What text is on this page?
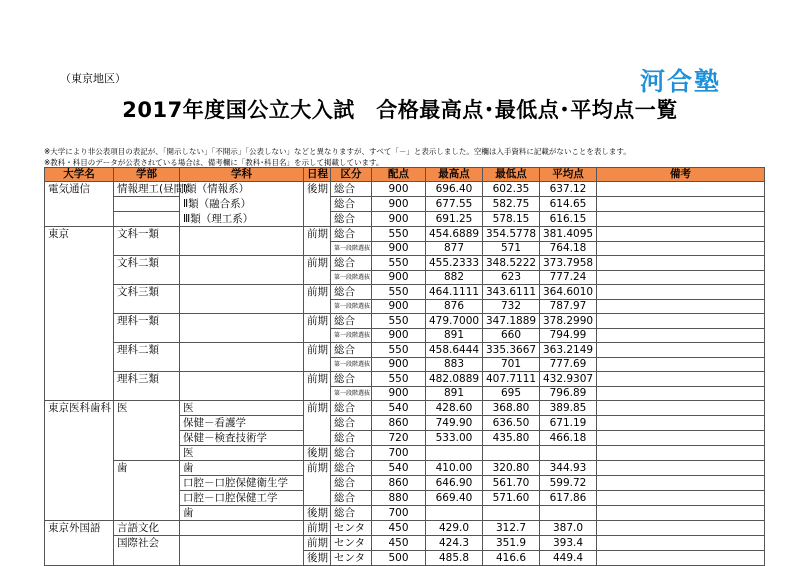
（東京地区）	河合塾
2017年度国公立大入試　合格最高点･最低点･平均点一覧
※大学により非公表項目の表記が、「開示しない」「不開示」「公表しない」などと異なりますが、すべて「－」と表示しました。空欄は入手資料に記載がないことを表します。
※教科・科目のデータが公表されている場合は、備考欄に「教科･科目名」を示して掲載しています。
大学名	学部	学科	日程	区分	配点	最高点	最低点	平均点	備考
電気通信	情報理工(昼間)	Ⅰ類（情報系）	後期	総合	900	696.40	602.35	637.12	
		Ⅱ類（融合系）		総合	900	677.55	582.75	614.65	
		Ⅲ類（理工系）		総合	900	691.25	578.15	616.15	
東京	文科一類		前期	総合	550	454.6889	354.5778	381.4095	
				第一段階選抜	900	877	571	764.18	
	文科二類		前期	総合	550	455.2333	348.5222	373.7958	
				第一段階選抜	900	882	623	777.24	
	文科三類		前期	総合	550	464.1111	343.6111	364.6010	
				第一段階選抜	900	876	732	787.97	
	理科一類		前期	総合	550	479.7000	347.1889	378.2990	
				第一段階選抜	900	891	660	794.99	
	理科二類		前期	総合	550	458.6444	335.3667	363.2149	
				第一段階選抜	900	883	701	777.69	
	理科三類		前期	総合	550	482.0889	407.7111	432.9307	
				第一段階選抜	900	891	695	796.89	
東京医科歯科	医	医	前期	総合	540	428.60	368.80	389.85	
		保健－看護学		総合	860	749.90	636.50	671.19	
		保健－検査技術学		総合	720	533.00	435.80	466.18	
		医	後期	総合	700				
	歯	歯	前期	総合	540	410.00	320.80	344.93	
		口腔－口腔保健衛生学		総合	860	646.90	561.70	599.72	
		口腔－口腔保健工学		総合	880	669.40	571.60	617.86	
		歯	後期	総合	700				
東京外国語	言語文化		前期	センタ	450	429.0	312.7	387.0	
	国際社会		前期	センタ	450	424.3	351.9	393.4	
			後期	センタ	500	485.8	416.6	449.4	
